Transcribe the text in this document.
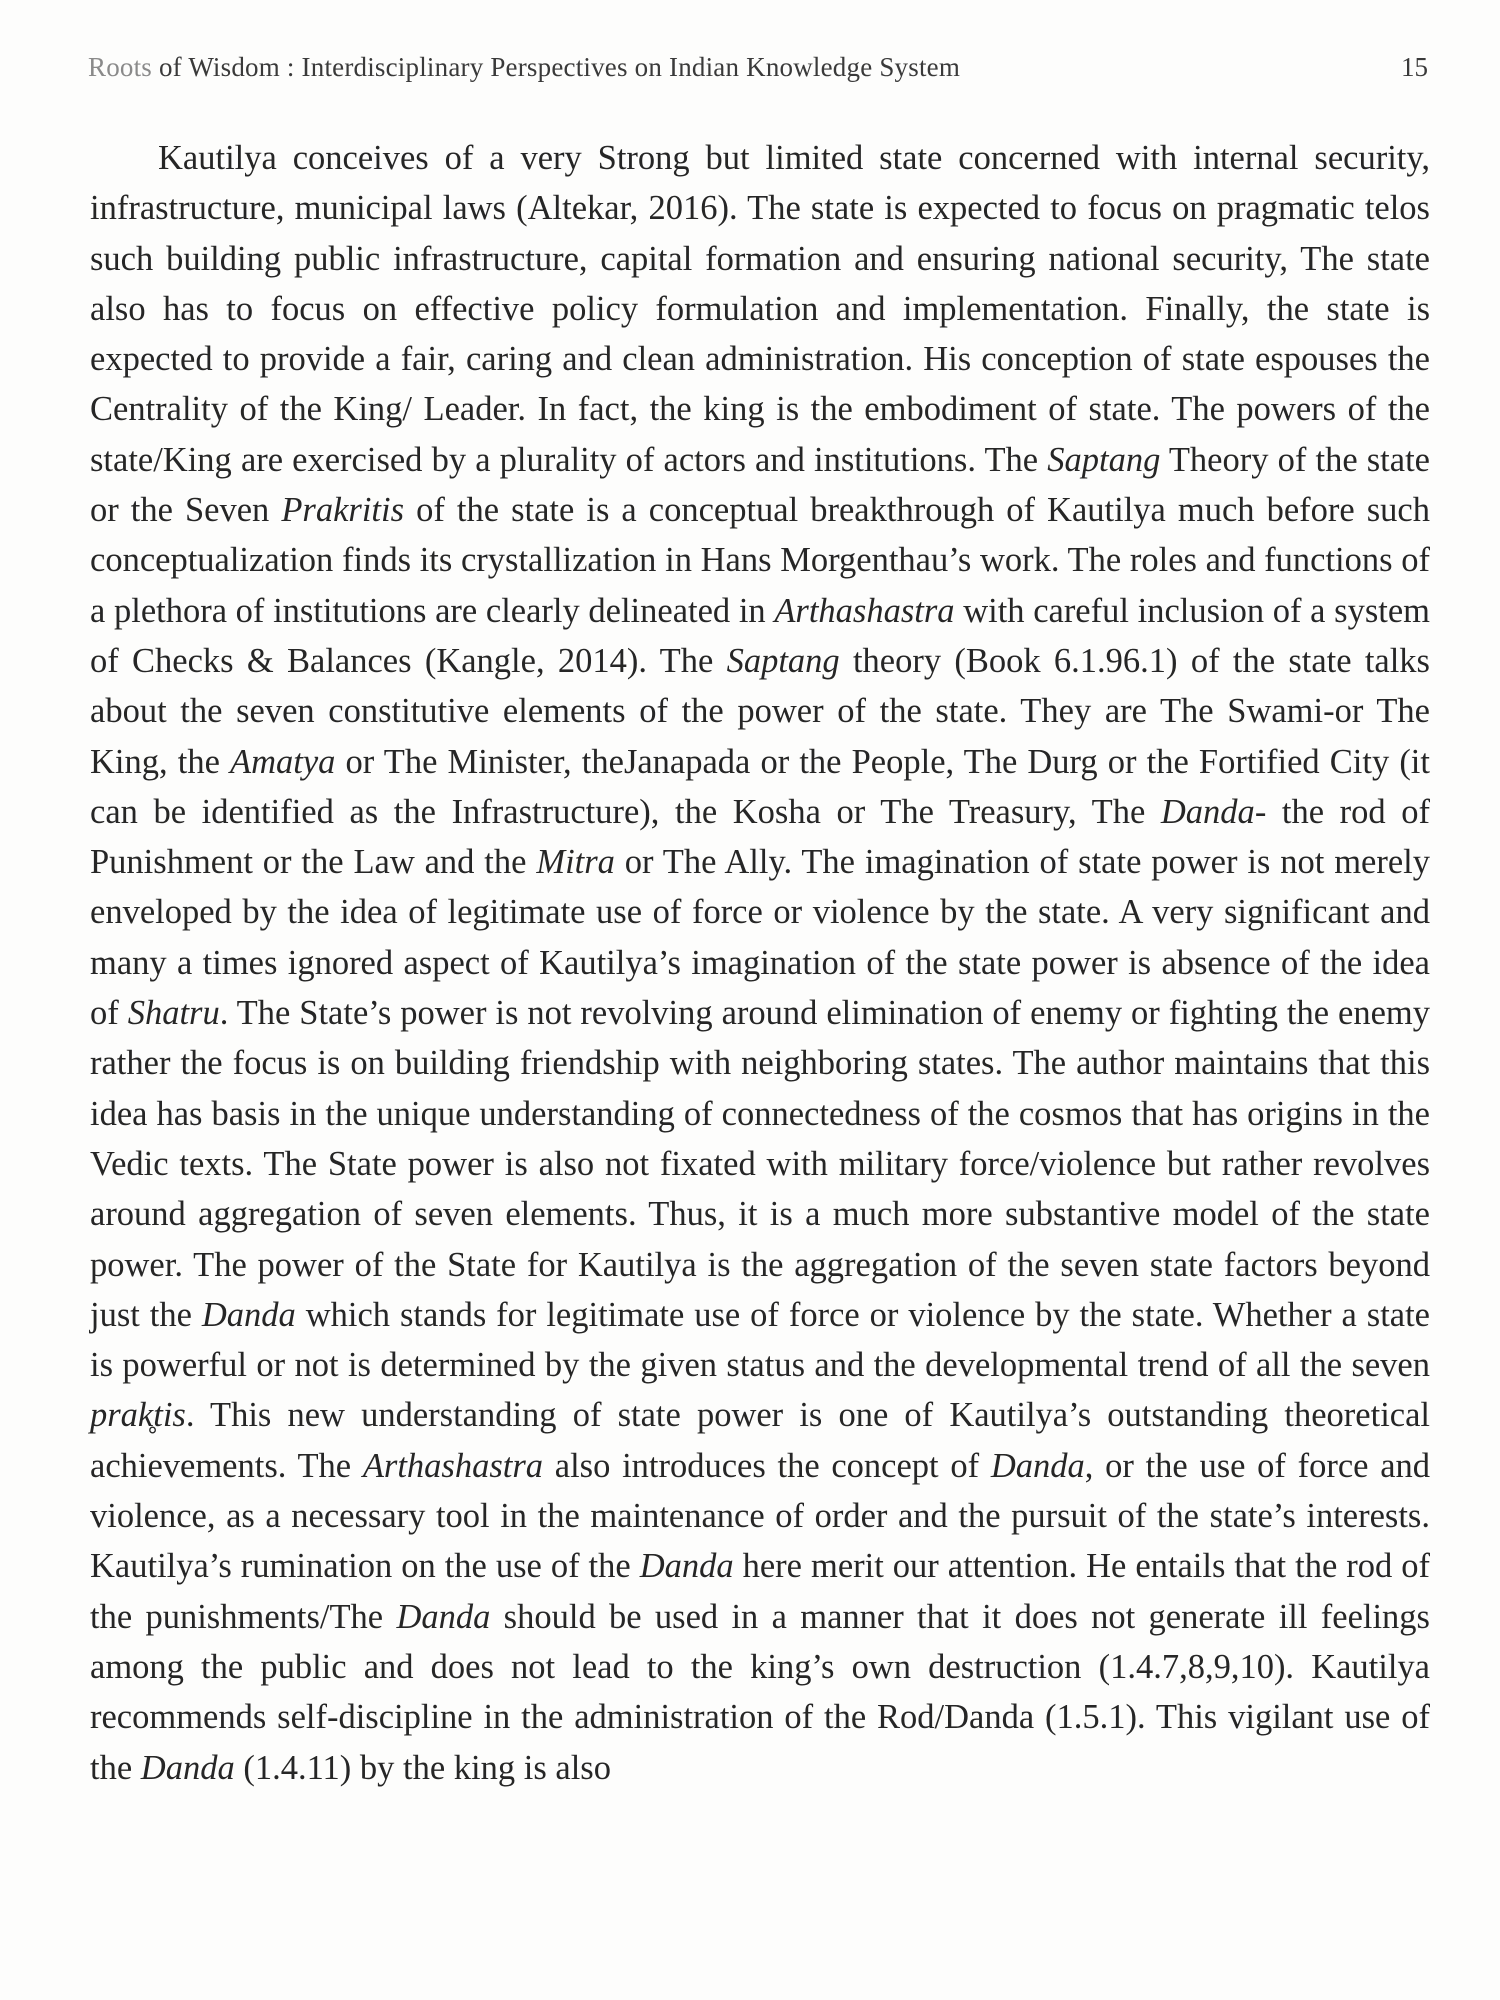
Roots of Wisdom : Interdisciplinary Perspectives on Indian Knowledge System	15

Kautilya conceives of a very Strong but limited state concerned with internal security, infrastructure, municipal laws (Altekar, 2016). The state is expected to focus on pragmatic telos such building public infrastructure, capital formation and ensuring national security, The state also has to focus on effective policy formulation and implementation. Finally, the state is expected to provide a fair, caring and clean administration. His conception of state espouses the Centrality of the King/ Leader. In fact, the king is the embodiment of state. The powers of the state/King are exercised by a plurality of actors and institutions. The Saptang Theory of the state or the Seven Prakritis of the state is a conceptual breakthrough of Kautilya much before such conceptualization finds its crystallization in Hans Morgenthau’s work. The roles and functions of a plethora of institutions are clearly delineated in Arthashastra with careful inclusion of a system of Checks & Balances (Kangle, 2014). The Saptang theory (Book 6.1.96.1) of the state talks about the seven constitutive elements of the power of the state. They are The Swami-or The King, the Amatya or The Minister, theJanapada or the People, The Durg or the Fortified City (it can be identified as the Infrastructure), the Kosha or The Treasury, The Danda- the rod of Punishment or the Law and the Mitra or The Ally. The imagination of state power is not merely enveloped by the idea of legitimate use of force or violence by the state. A very significant and many a times ignored aspect of Kautilya’s imagination of the state power is absence of the idea of Shatru. The State’s power is not revolving around elimination of enemy or fighting the enemy rather the focus is on building friendship with neighboring states. The author maintains that this idea has basis in the unique understanding of connectedness of the cosmos that has origins in the Vedic texts. The State power is also not fixated with military force/violence but rather revolves around aggregation of seven elements. Thus, it is a much more substantive model of the state power. The power of the State for Kautilya is the aggregation of the seven state factors beyond just the Danda which stands for legitimate use of force or violence by the state. Whether a state is powerful or not is determined by the given status and the developmental trend of all the seven prak̥tis. This new understanding of state power is one of Kautilya’s outstanding theoretical achievements. The Arthashastra also introduces the concept of Danda, or the use of force and violence, as a necessary tool in the maintenance of order and the pursuit of the state’s interests. Kautilya’s rumination on the use of the Danda here merit our attention. He entails that the rod of the punishments/The Danda should be used in a manner that it does not generate ill feelings among the public and does not lead to the king’s own destruction (1.4.7,8,9,10). Kautilya recommends self-discipline in the administration of the Rod/Danda (1.5.1). This vigilant use of the Danda (1.4.11) by the king is also
